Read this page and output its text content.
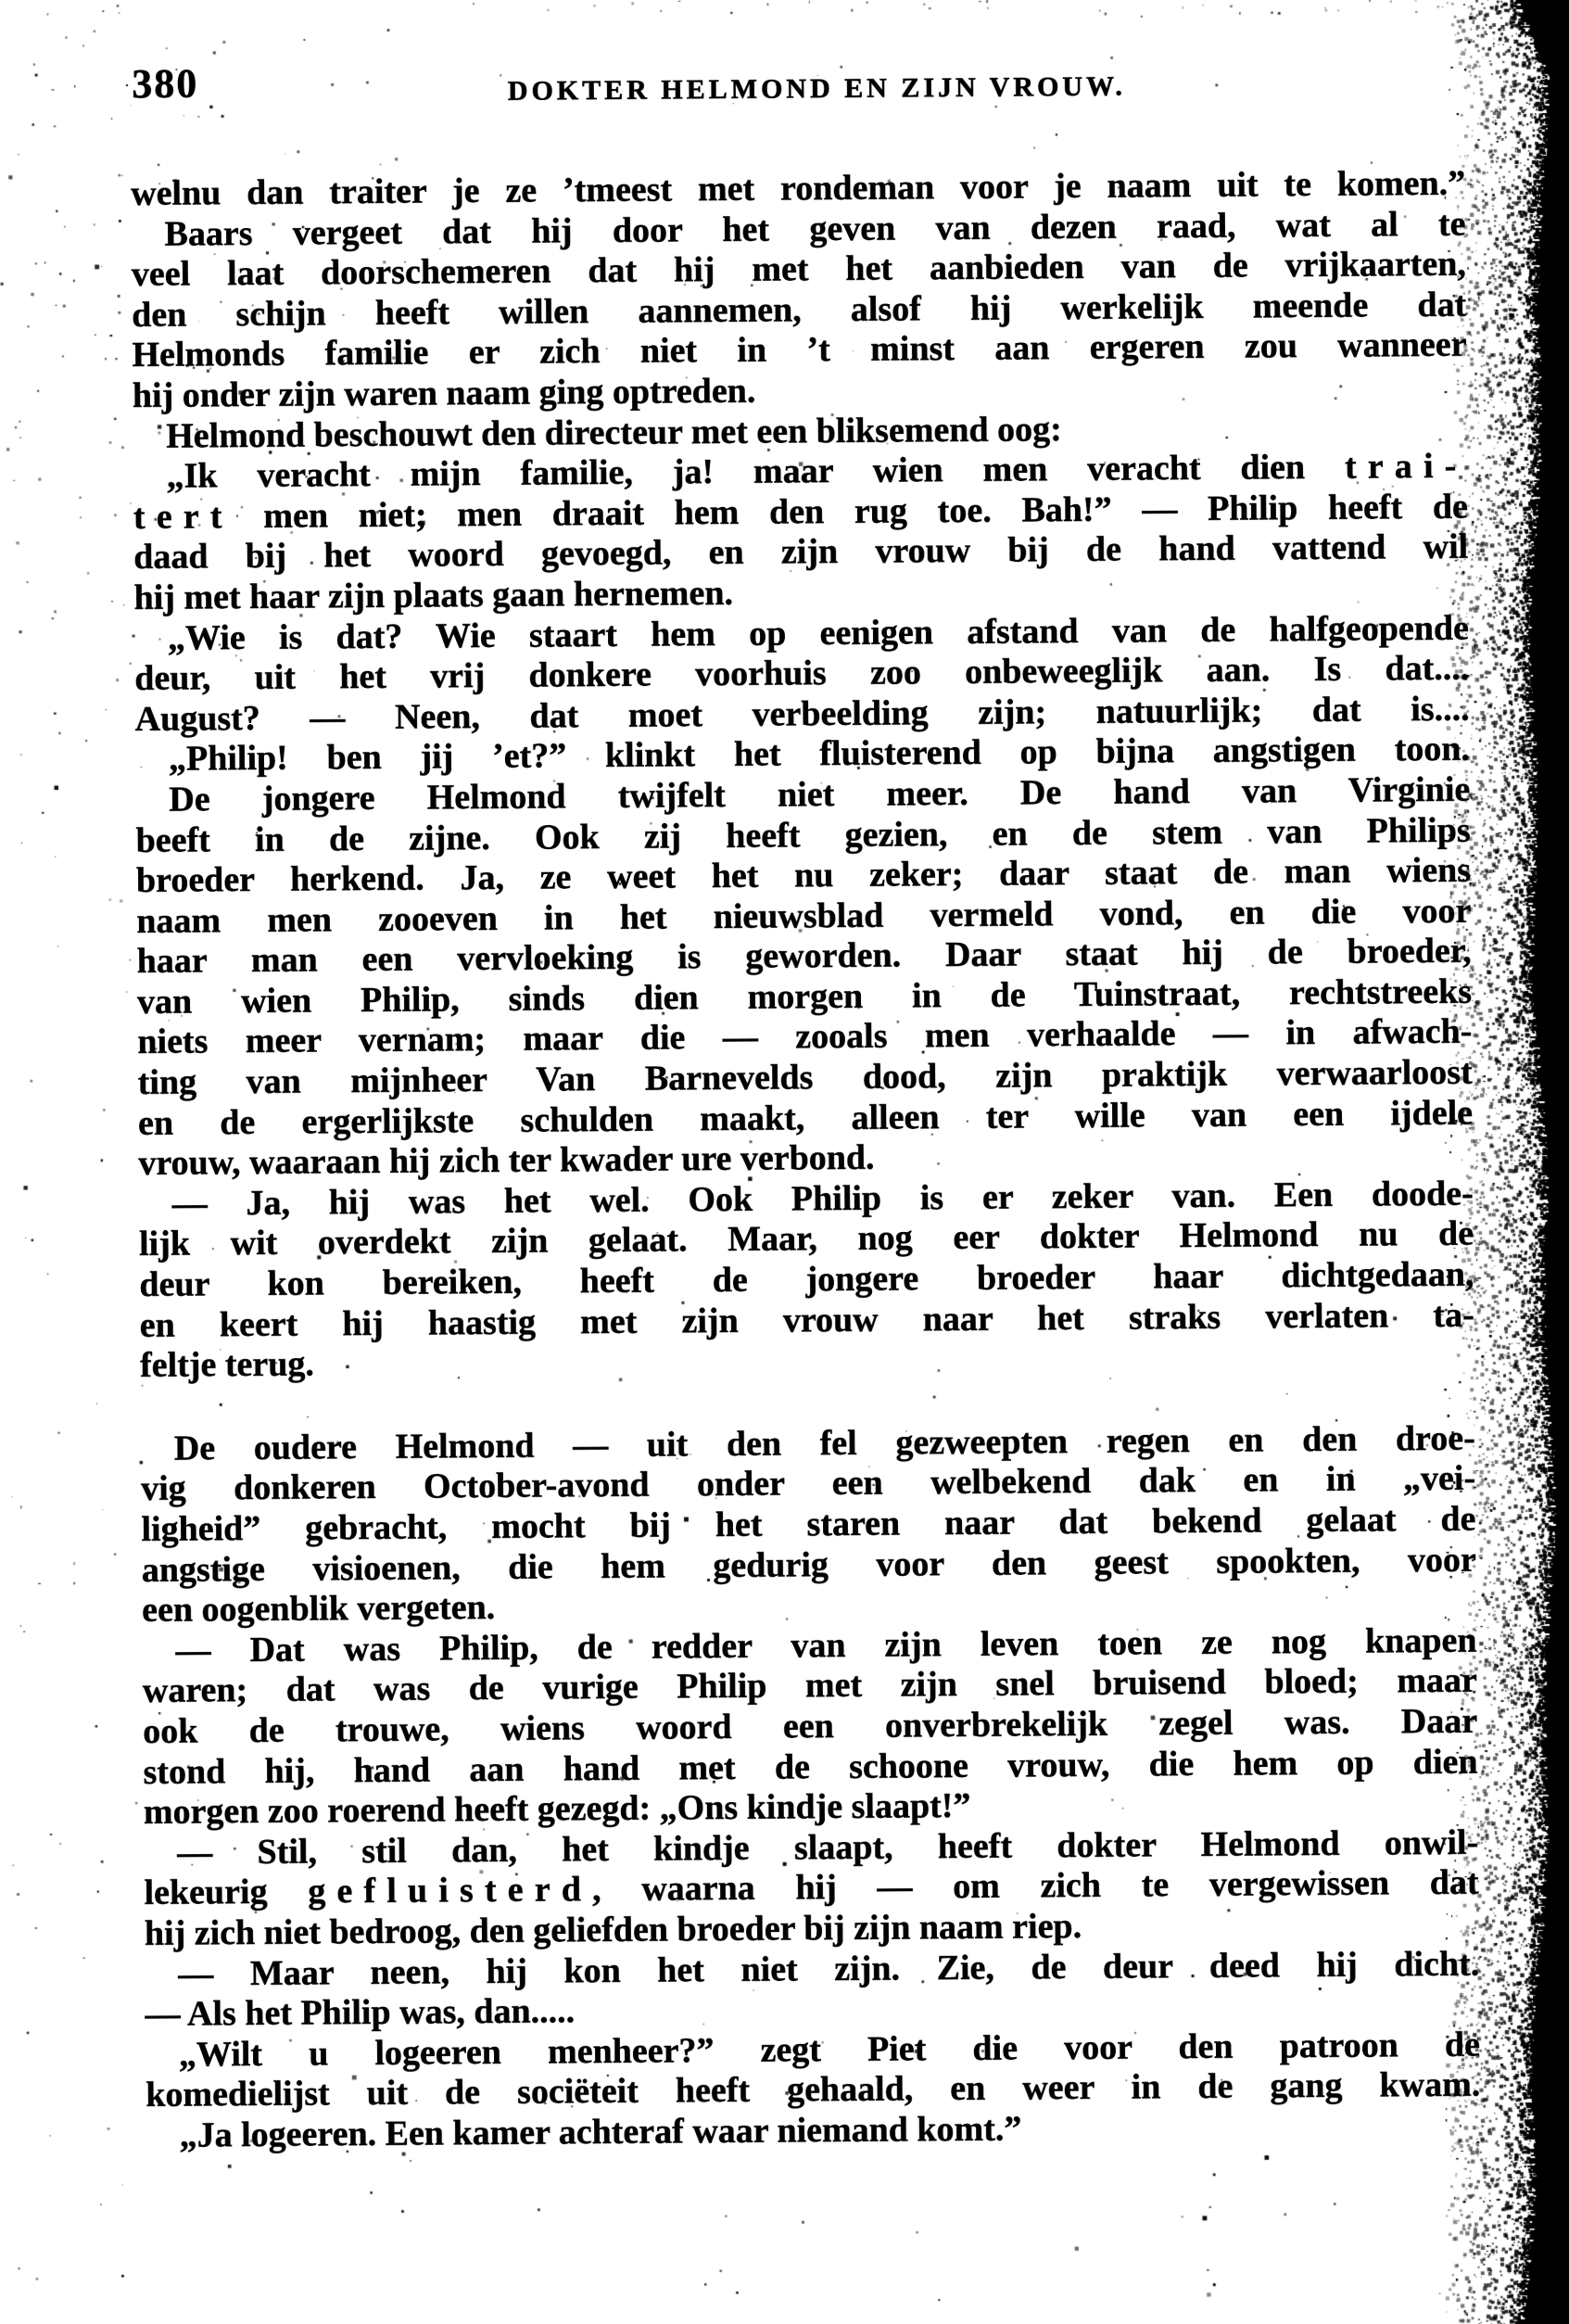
380	DOKTER HELMOND EN ZIJN VROUW.
welnu dan traiter je ze ’tmeest met rondeman voor je naam uit te komen.”
Baars vergeet dat hij door het geven van dezen raad, wat al te
veel laat doorschemeren dat hij met het aanbieden van de vrijkaarten,
den schijn heeft willen aannemen, alsof hij werkelijk meende dat
Helmonds familie er zich niet in ’t minst aan ergeren zou wanneer
hij onder zijn waren naam ging optreden.
Helmond beschouwt den directeur met een bliksemend oog:
„Ik veracht mijn familie, ja! maar wien men veracht dien trai-
tert men niet; men draait hem den rug toe. Bah!” — Philip heeft de
daad bij het woord gevoegd, en zijn vrouw bij de hand vattend wil
hij met haar zijn plaats gaan hernemen.
„Wie is dat? Wie staart hem op eenigen afstand van de halfgeopende
deur, uit het vrij donkere voorhuis zoo onbeweeglijk aan. Is dat....
August? — Neen, dat moet verbeelding zijn; natuurlijk; dat is....
„Philip! ben jij ’et?” klinkt het fluisterend op bijna angstigen toon.
De jongere Helmond twijfelt niet meer. De hand van Virginie
beeft in de zijne. Ook zij heeft gezien, en de stem van Philips
broeder herkend. Ja, ze weet het nu zeker; daar staat de man wiens
naam men zooeven in het nieuwsblad vermeld vond, en die voor
haar man een vervloeking is geworden. Daar staat hij de broeder,
van wien Philip, sinds dien morgen in de Tuinstraat, rechtstreeks
niets meer vernam; maar die — zooals men verhaalde — in afwach-
ting van mijnheer Van Barnevelds dood, zijn praktijk verwaarloost
en de ergerlijkste schulden maakt, alleen ter wille van een ijdele
vrouw, waaraan hij zich ter kwader ure verbond.
— Ja, hij was het wel. Ook Philip is er zeker van. Een doode-
lijk wit overdekt zijn gelaat. Maar, nog eer dokter Helmond nu de
deur kon bereiken, heeft de jongere broeder haar dichtgedaan,
en keert hij haastig met zijn vrouw naar het straks verlaten ta-
feltje terug.
De oudere Helmond — uit den fel gezweepten regen en den droe-
vig donkeren October-avond onder een welbekend dak en in „vei-
ligheid” gebracht, mocht bij het staren naar dat bekend gelaat de
angstige visioenen, die hem gedurig voor den geest spookten, voor
een oogenblik vergeten.
— Dat was Philip, de redder van zijn leven toen ze nog knapen
waren; dat was de vurige Philip met zijn snel bruisend bloed; maar
ook de trouwe, wiens woord een onverbrekelijk zegel was. Daar
stond hij, hand aan hand met de schoone vrouw, die hem op dien
morgen zoo roerend heeft gezegd: „Ons kindje slaapt!”
— Stil, stil dan, het kindje slaapt, heeft dokter Helmond onwil-
lekeurig gefluisterd, waarna hij — om zich te vergewissen dat
hij zich niet bedroog, den geliefden broeder bij zijn naam riep.
— Maar neen, hij kon het niet zijn. Zie, de deur deed hij dicht.
— Als het Philip was, dan.....
„Wilt u logeeren menheer?” zegt Piet die voor den patroon de
komedielijst uit de sociëteit heeft gehaald, en weer in de gang kwam.
„Ja logeeren. Een kamer achteraf waar niemand komt.”
